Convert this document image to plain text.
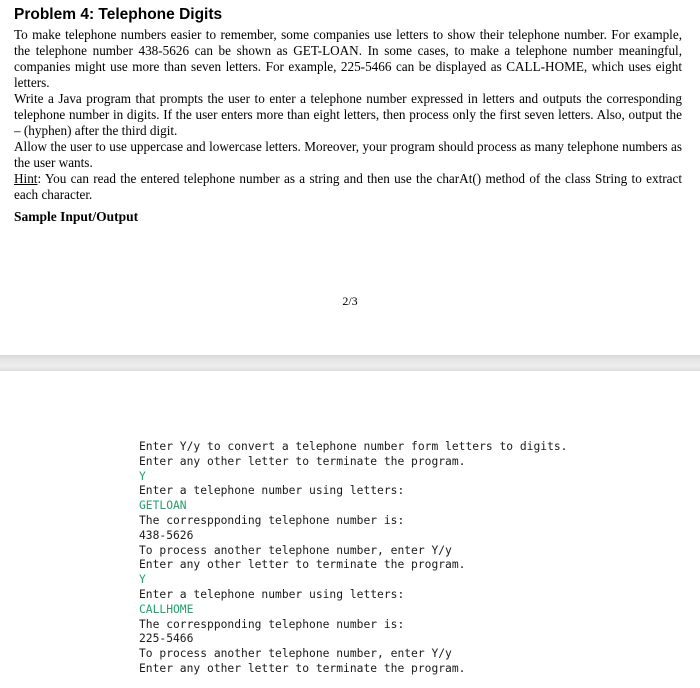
Problem 4: Telephone Digits

To make telephone numbers easier to remember, some companies use letters to show their telephone number. For example, the telephone number 438-5626 can be shown as GET-LOAN. In some cases, to make a telephone number meaningful, companies might use more than seven letters. For example, 225-5466 can be displayed as CALL-HOME, which uses eight letters.

Write a Java program that prompts the user to enter a telephone number expressed in letters and outputs the corresponding telephone number in digits. If the user enters more than eight letters, then process only the first seven letters. Also, output the – (hyphen) after the third digit.

Allow the user to use uppercase and lowercase letters. Moreover, your program should process as many telephone numbers as the user wants.

Hint: You can read the entered telephone number as a string and then use the charAt() method of the class String to extract each character.

Sample Input/Output
2/3
Enter Y/y to convert a telephone number form letters to digits.
Enter any other letter to terminate the program.
Y
Enter a telephone number using letters:
GETLOAN
The correspponding telephone number is:
438-5626
To process another telephone number, enter Y/y
Enter any other letter to terminate the program.
Y
Enter a telephone number using letters:
CALLHOME
The correspponding telephone number is:
225-5466
To process another telephone number, enter Y/y
Enter any other letter to terminate the program.
